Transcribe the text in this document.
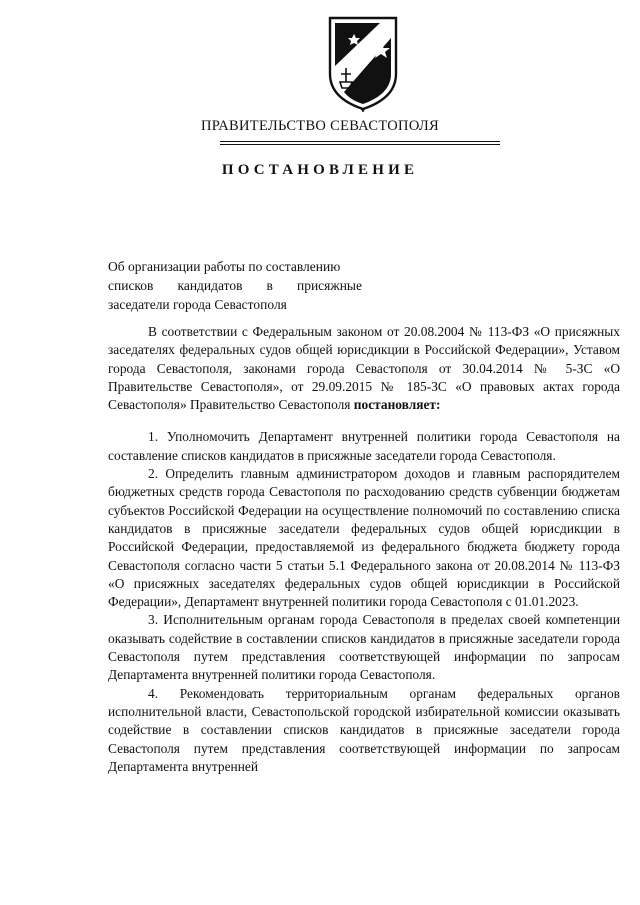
ПРАВИТЕЛЬСТВО СЕВАСТОПОЛЯ
ПОСТАНОВЛЕНИЕ
Об организации работы по составлению
списков кандидатов в присяжные
заседатели города Севастополя

В соответствии с Федеральным законом от 20.08.2004 № 113-ФЗ «О присяжных заседателях федеральных судов общей юрисдикции в Российской Федерации», Уставом города Севастополя, законами города Севастополя от 30.04.2014 № 5-ЗС «О Правительстве Севастополя», от 29.09.2015 № 185-ЗС «О правовых актах города Севастополя» Правительство Севастополя постановляет:

1. Уполномочить Департамент внутренней политики города Севастополя на составление списков кандидатов в присяжные заседатели города Севастополя.

2. Определить главным администратором доходов и главным распорядителем бюджетных средств города Севастополя по расходованию средств субвенции бюджетам субъектов Российской Федерации на осуществление полномочий по составлению списка кандидатов в присяжные заседатели федеральных судов общей юрисдикции в Российской Федерации, предоставляемой из федерального бюджета бюджету города Севастополя согласно части 5 статьи 5.1 Федерального закона от 20.08.2014 № 113-ФЗ «О присяжных заседателях федеральных судов общей юрисдикции в Российской Федерации», Департамент внутренней политики города Севастополя с 01.01.2023.

3. Исполнительным органам города Севастополя в пределах своей компетенции оказывать содействие в составлении списков кандидатов в присяжные заседатели города Севастополя путем представления соответствующей информации по запросам Департамента внутренней политики города Севастополя.

4. Рекомендовать территориальным органам федеральных органов исполнительной власти, Севастопольской городской избирательной комиссии оказывать содействие в составлении списков кандидатов в присяжные заседатели города Севастополя путем представления соответствующей информации по запросам Департамента внутренней
